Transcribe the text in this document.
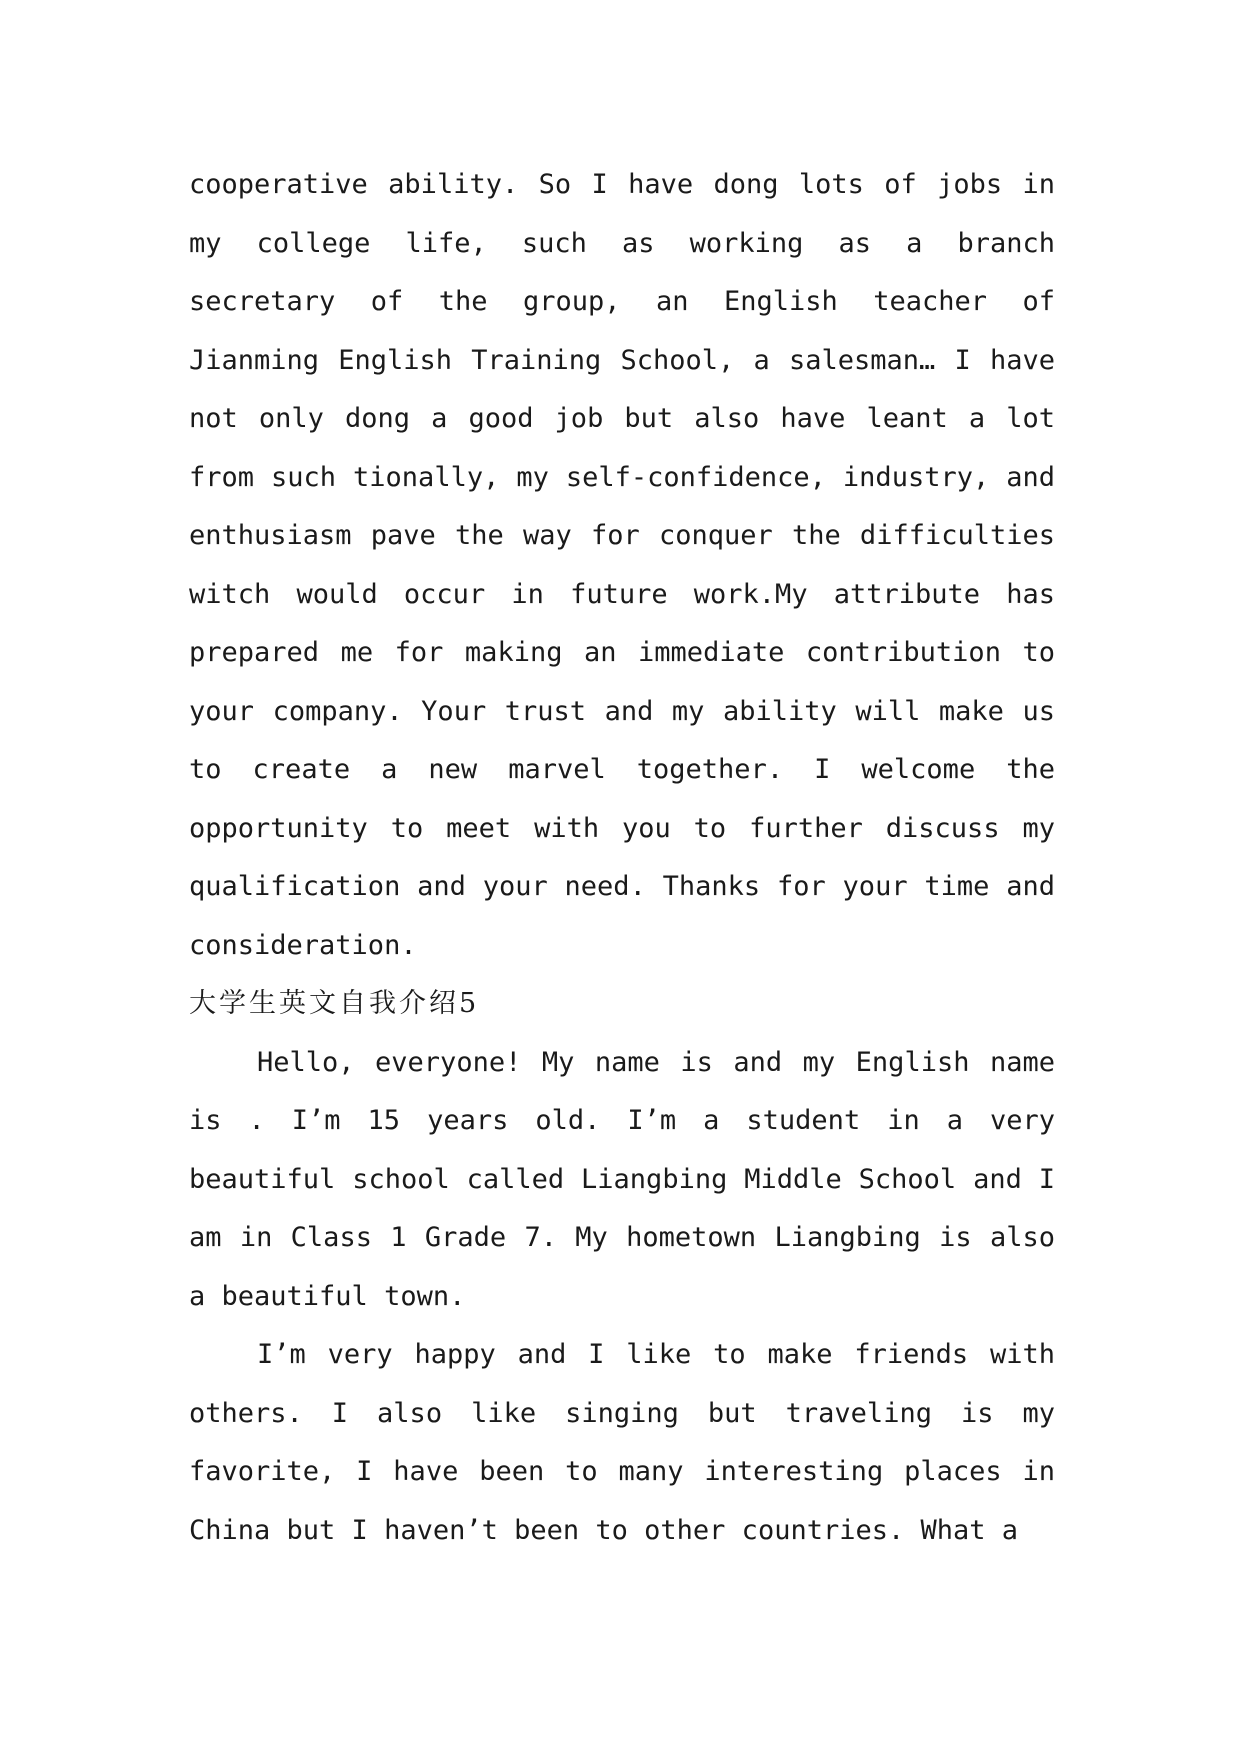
cooperative ability. So I have dong lots of jobs in my college life, such as working as a branch secretary of the group, an English teacher of Jianming English Training School, a salesman… I have not only dong a good job but also have leant a lot from such tionally, my self-confidence, industry, and enthusiasm pave the way for conquer the difficulties witch would occur in future work.My attribute has prepared me for making an immediate contribution to your company. Your trust and my ability will make us to create a new marvel together. I welcome the opportunity to meet with you to further discuss my qualification and your need. Thanks for your time and consideration.

大学生英文自我介绍5

Hello, everyone! My name is and my English name is . I’m 15 years old. I’m a student in a very beautiful school called Liangbing Middle School and I am in Class 1 Grade 7. My hometown Liangbing is also a beautiful town.

I’m very happy and I like to make friends with others. I also like singing but traveling is my favorite, I have been to many interesting places in China but I haven’t been to other countries. What a
